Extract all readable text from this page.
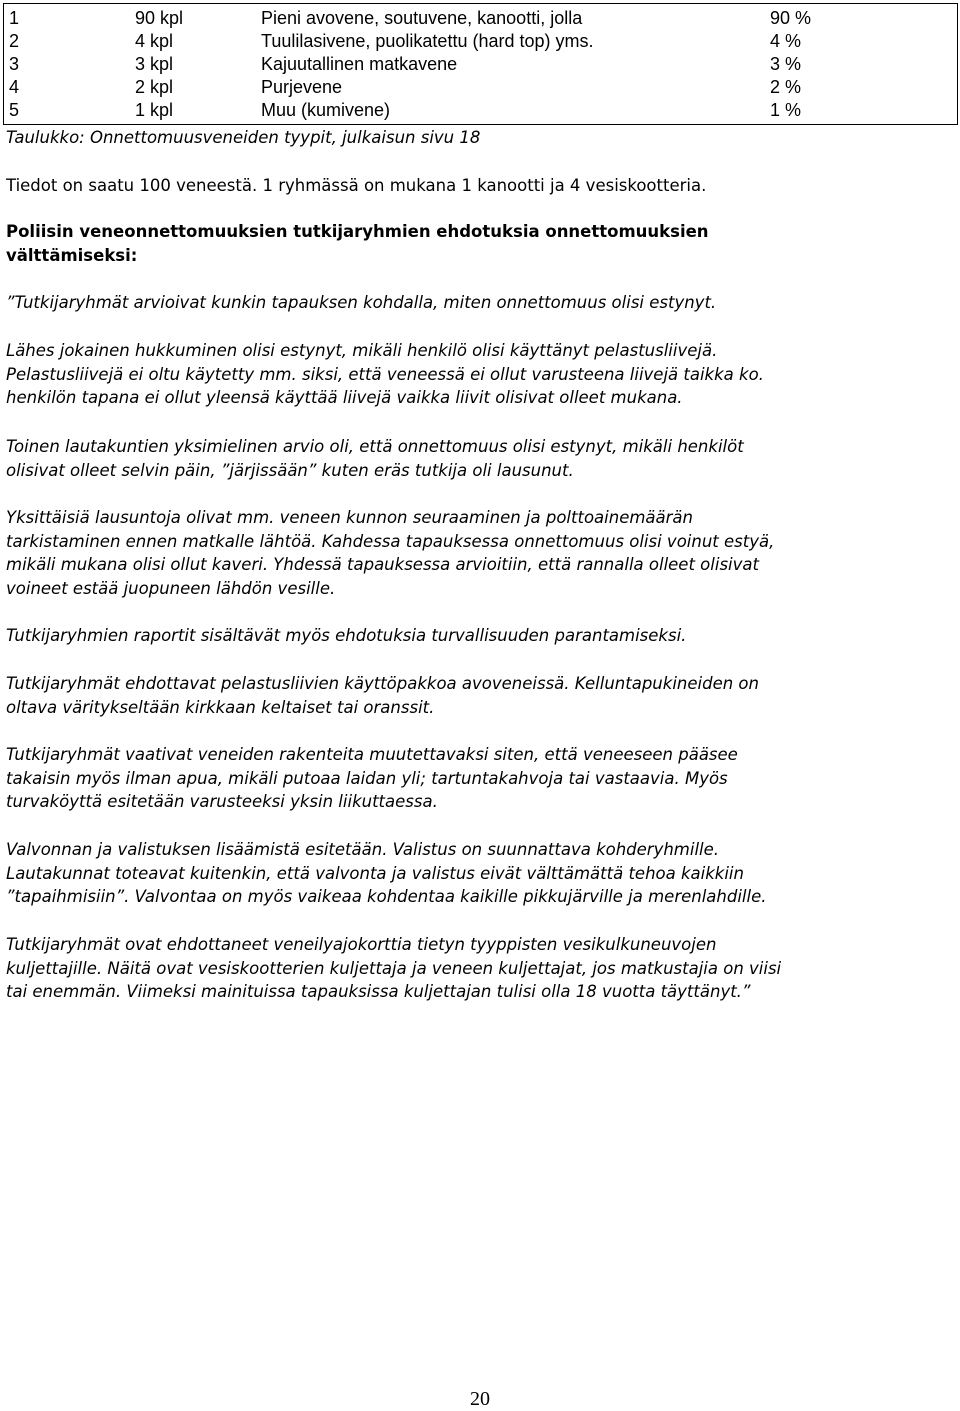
1	90 kpl	Pieni avovene, soutuvene, kanootti, jolla	90 %
2	4 kpl	Tuulilasivene, puolikatettu (hard top) yms.	4 %
3	3 kpl	Kajuutallinen matkavene	3 %
4	2 kpl	Purjevene	2 %
5	1 kpl	Muu (kumivene)	1 %
Taulukko: Onnettomuusveneiden tyypit, julkaisun sivu 18
Tiedot on saatu 100 veneestä. 1 ryhmässä on mukana 1 kanootti ja 4 vesiskootteria.
Poliisin veneonnettomuuksien tutkijaryhmien ehdotuksia onnettomuuksien
välttämiseksi:
”Tutkijaryhmät arvioivat kunkin tapauksen kohdalla, miten onnettomuus olisi estynyt.
Lähes jokainen hukkuminen olisi estynyt, mikäli henkilö olisi käyttänyt pelastusliivejä.
Pelastusliivejä ei oltu käytetty mm. siksi, että veneessä ei ollut varusteena liivejä taikka ko.
henkilön tapana ei ollut yleensä käyttää liivejä vaikka liivit olisivat olleet mukana.
Toinen lautakuntien yksimielinen arvio oli, että onnettomuus olisi estynyt, mikäli henkilöt
olisivat olleet selvin päin, ”järjissään” kuten eräs tutkija oli lausunut.
Yksittäisiä lausuntoja olivat mm. veneen kunnon seuraaminen ja polttoainemäärän
tarkistaminen ennen matkalle lähtöä. Kahdessa tapauksessa onnettomuus olisi voinut estyä,
mikäli mukana olisi ollut kaveri. Yhdessä tapauksessa arvioitiin, että rannalla olleet olisivat
voineet estää juopuneen lähdön vesille.
Tutkijaryhmien raportit sisältävät myös ehdotuksia turvallisuuden parantamiseksi.
Tutkijaryhmät ehdottavat pelastusliivien käyttöpakkoa avoveneissä. Kelluntapukineiden on
oltava väritykseltään kirkkaan keltaiset tai oranssit.
Tutkijaryhmät vaativat veneiden rakenteita muutettavaksi siten, että veneeseen pääsee
takaisin myös ilman apua, mikäli putoaa laidan yli; tartuntakahvoja tai vastaavia. Myös
turvaköyttä esitetään varusteeksi yksin liikuttaessa.
Valvonnan ja valistuksen lisäämistä esitetään. Valistus on suunnattava kohderyhmille.
Lautakunnat toteavat kuitenkin, että valvonta ja valistus eivät välttämättä tehoa kaikkiin
”tapaihmisiin”. Valvontaa on myös vaikeaa kohdentaa kaikille pikkujärville ja merenlahdille.
Tutkijaryhmät ovat ehdottaneet veneilyajokorttia tietyn tyyppisten vesikulkuneuvojen
kuljettajille. Näitä ovat vesiskootterien kuljettaja ja veneen kuljettajat, jos matkustajia on viisi
tai enemmän. Viimeksi mainituissa tapauksissa kuljettajan tulisi olla 18 vuotta täyttänyt.”
20
